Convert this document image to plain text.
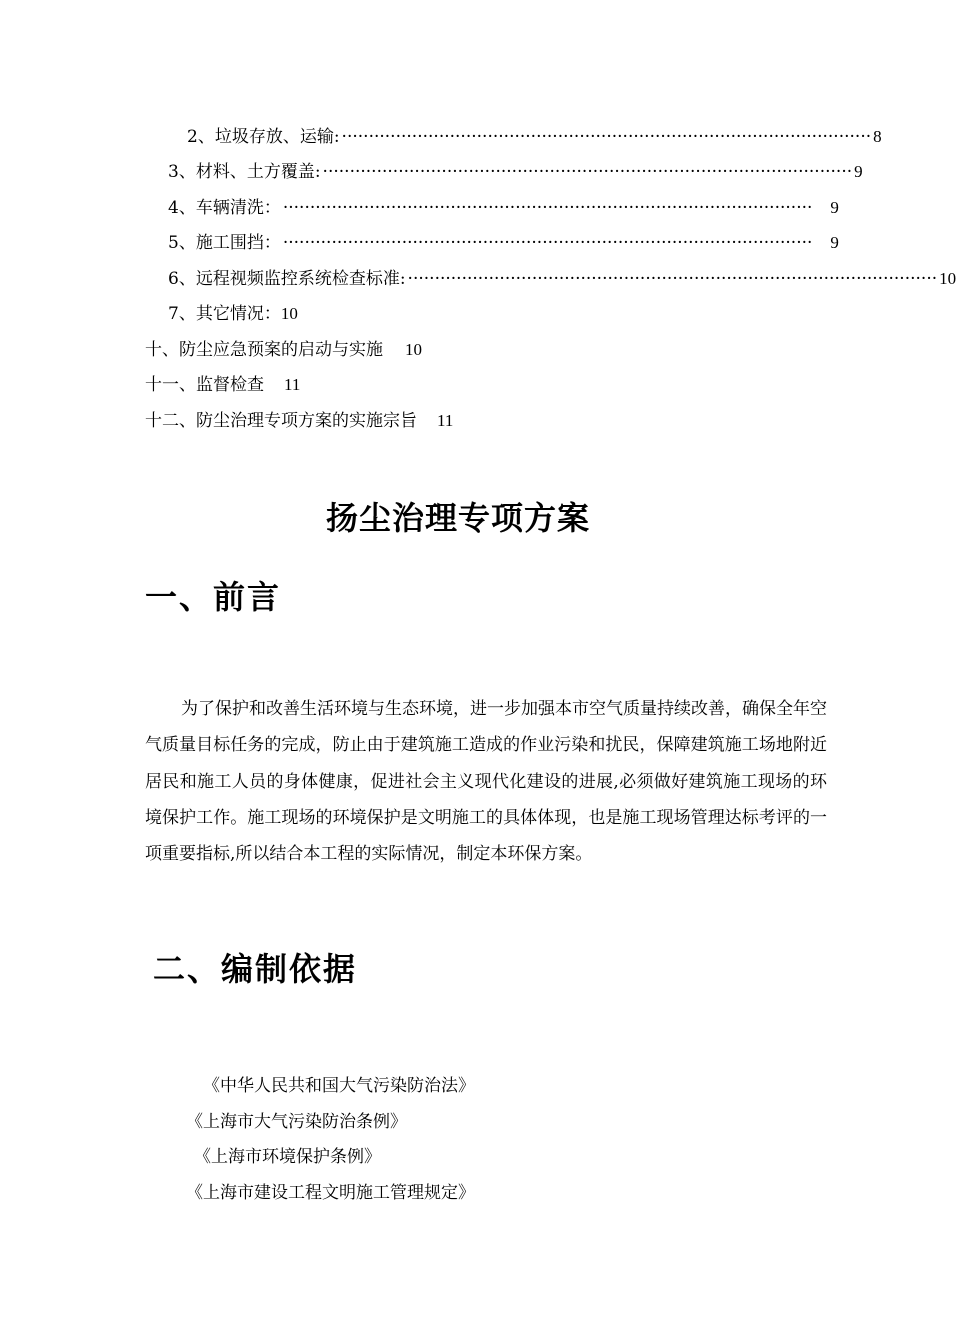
2、垃圾存放、运输: ·································································································· 8
3、材料、土方覆盖: ·································································································· 9
4、车辆清洗： ·································································································· 9
5、施工围挡： ·································································································· 9
6、远程视频监控系统检查标准: ·································································································· 10
7、其它情况： 10
十、防尘应急预案的启动与实施 10
十一、监督检查 11
十二、防尘治理专项方案的实施宗旨 11
扬尘治理专项方案
一、前言
为了保护和改善生活环境与生态环境，进一步加强本市空气质量持续改善，确保全年空气质量目标任务的完成，防止由于建筑施工造成的作业污染和扰民，保障建筑施工场地附近居民和施工人员的身体健康，促进社会主义现代化建设的进展,必须做好建筑施工现场的环境保护工作。施工现场的环境保护是文明施工的具体体现，也是施工现场管理达标考评的一项重要指标,所以结合本工程的实际情况，制定本环保方案。
二、编制依据
《中华人民共和国大气污染防治法》
《上海市大气污染防治条例》
《上海市环境保护条例》
《上海市建设工程文明施工管理规定》
